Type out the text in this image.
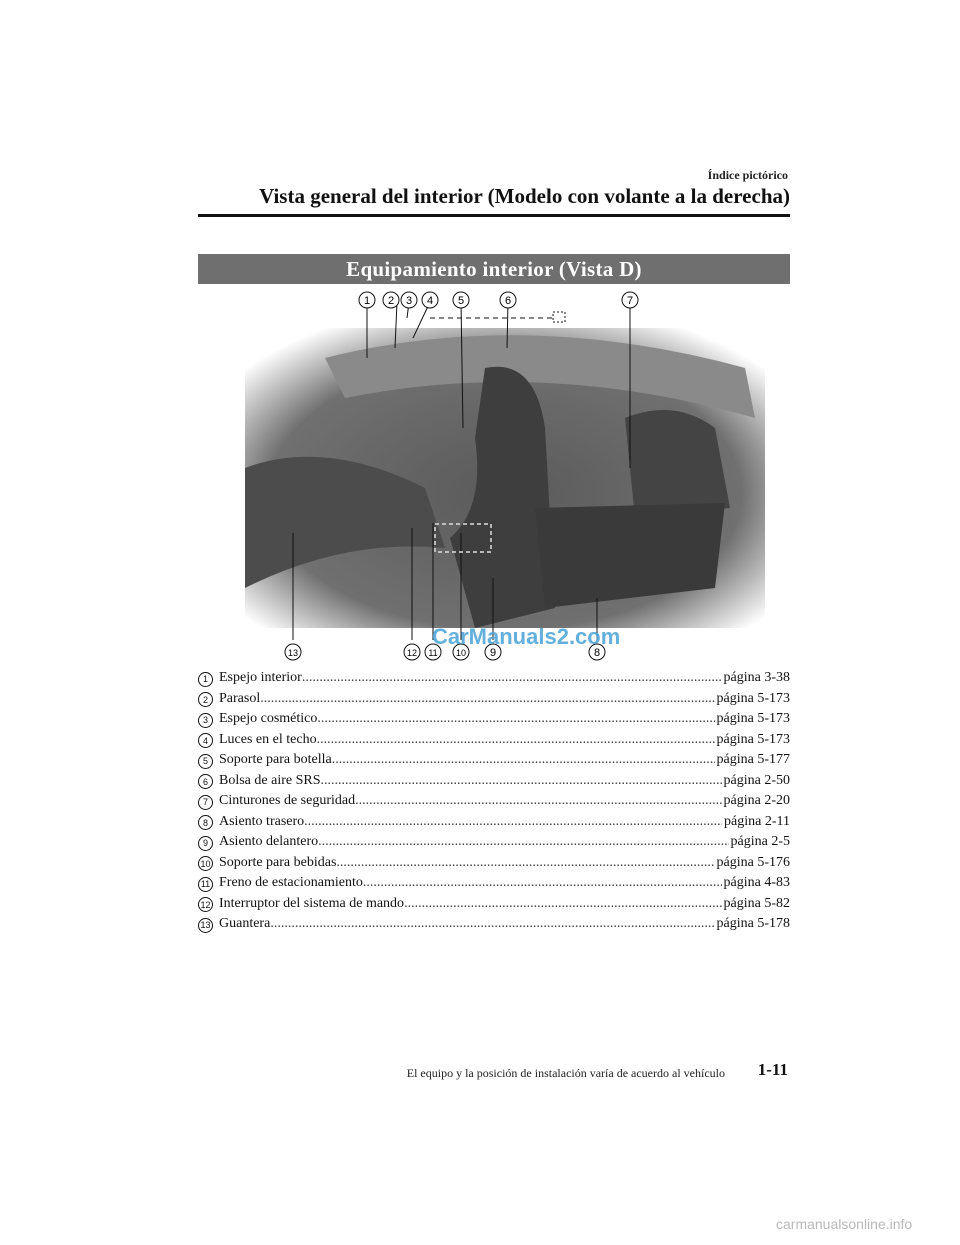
Índice pictórico
Vista general del interior (Modelo con volante a la derecha)
Equipamiento interior (Vista D)
1 2 3 4 5	6	7
8
9
10
11
12
13
CarManuals2.com
1 Espejo interior .....	página 3-38
2 Parasol .....	página 5-173
3 Espejo cosmético .....	página 5-173
4 Luces en el techo .....	página 5-173
5 Soporte para botella .....	página 5-177
6 Bolsa de aire SRS .....	página 2-50
7 Cinturones de seguridad .....	página 2-20
8 Asiento trasero .....	página 2-11
9 Asiento delantero .....	página 2-5
10 Soporte para bebidas .....	página 5-176
11 Freno de estacionamiento .....	página 4-83
12 Interruptor del sistema de mando .....	página 5-82
13 Guantera .....	página 5-178
El equipo y la posición de instalación varía de acuerdo al vehículo 1-11
carmanualsonline.info
